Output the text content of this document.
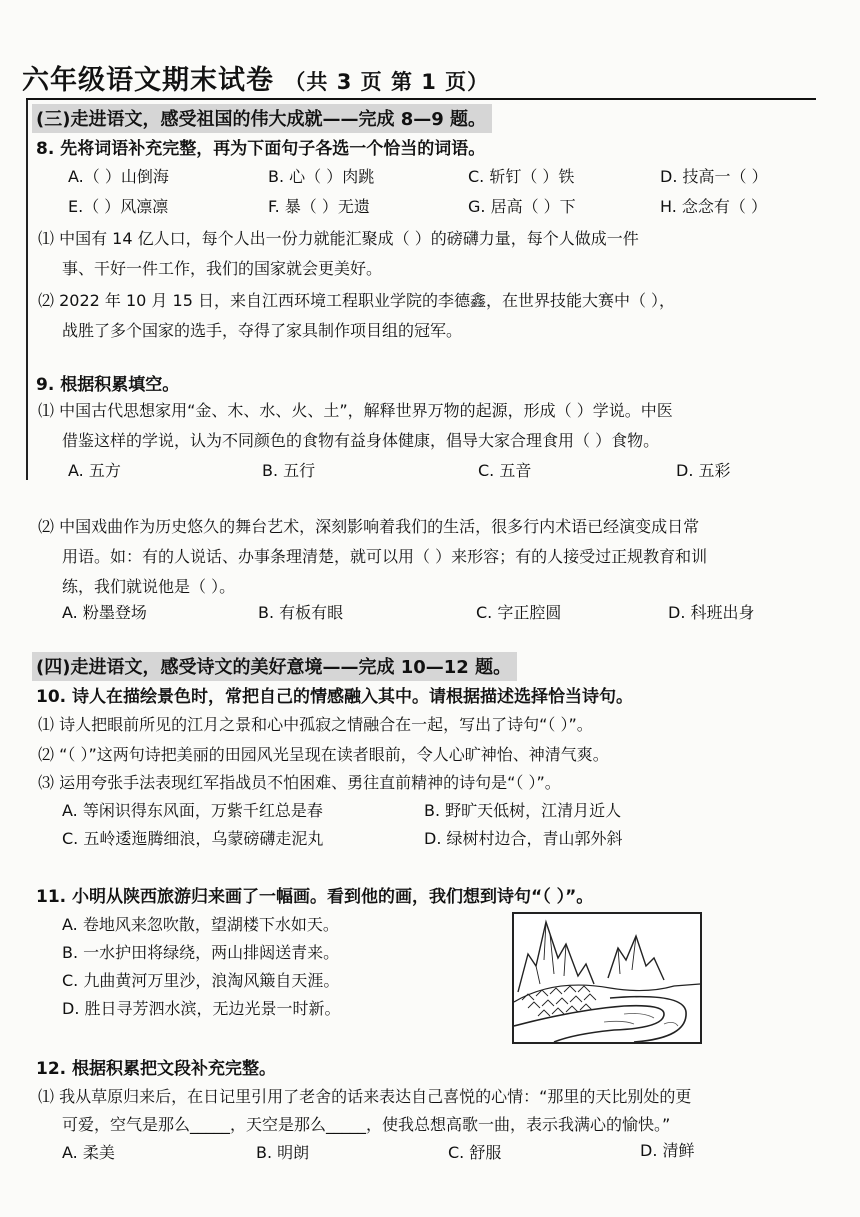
六年级语文期末试卷 （共 3 页 第 1 页）
(三)走进语文，感受祖国的伟大成就——完成 8—9 题。
8. 先将词语补充完整，再为下面句子各选一个恰当的词语。
A.（ ）山倒海	B. 心（ ）肉跳	C. 斩钉（ ）铁	D. 技高一（ ）
E.（ ）风凛凛	F. 暴（ ）无遗	G. 居高（ ）下	H. 念念有（ ）
⑴ 中国有 14 亿人口，每个人出一份力就能汇聚成（ ）的磅礴力量，每个人做成一件
事、干好一件工作，我们的国家就会更美好。
⑵ 2022 年 10 月 15 日，来自江西环境工程职业学院的李德鑫，在世界技能大赛中（ ），
战胜了多个国家的选手，夺得了家具制作项目组的冠军。
9. 根据积累填空。
⑴ 中国古代思想家用“金、木、水、火、土”，解释世界万物的起源，形成（ ）学说。中医
借鉴这样的学说，认为不同颜色的食物有益身体健康，倡导大家合理食用（ ）食物。
A. 五方	B. 五行	C. 五音	D. 五彩
⑵ 中国戏曲作为历史悠久的舞台艺术，深刻影响着我们的生活，很多行内术语已经演变成日常
用语。如：有的人说话、办事条理清楚，就可以用（ ）来形容；有的人接受过正规教育和训
练，我们就说他是（ ）。
A. 粉墨登场	B. 有板有眼	C. 字正腔圆	D. 科班出身
(四)走进语文，感受诗文的美好意境——完成 10—12 题。
10. 诗人在描绘景色时，常把自己的情感融入其中。请根据描述选择恰当诗句。
⑴ 诗人把眼前所见的江月之景和心中孤寂之情融合在一起，写出了诗句“（ ）”。
⑵ “（ ）”这两句诗把美丽的田园风光呈现在读者眼前，令人心旷神怡、神清气爽。
⑶ 运用夸张手法表现红军指战员不怕困难、勇往直前精神的诗句是“（ ）”。
A. 等闲识得东风面，万紫千红总是春	B. 野旷天低树，江清月近人
C. 五岭逶迤腾细浪，乌蒙磅礴走泥丸	D. 绿树村边合，青山郭外斜
11. 小明从陕西旅游归来画了一幅画。看到他的画，我们想到诗句“（ ）”。
A. 卷地风来忽吹散，望湖楼下水如天。
B. 一水护田将绿绕，两山排闼送青来。
C. 九曲黄河万里沙，浪淘风簸自天涯。
D. 胜日寻芳泗水滨，无边光景一时新。
12. 根据积累把文段补充完整。
⑴ 我从草原归来后，在日记里引用了老舍的话来表达自己喜悦的心情：“那里的天比别处的更
可爱，空气是那么_____，天空是那么_____，使我总想高歌一曲，表示我满心的愉快。”
A. 柔美	B. 明朗	C. 舒服	D. 清鲜
